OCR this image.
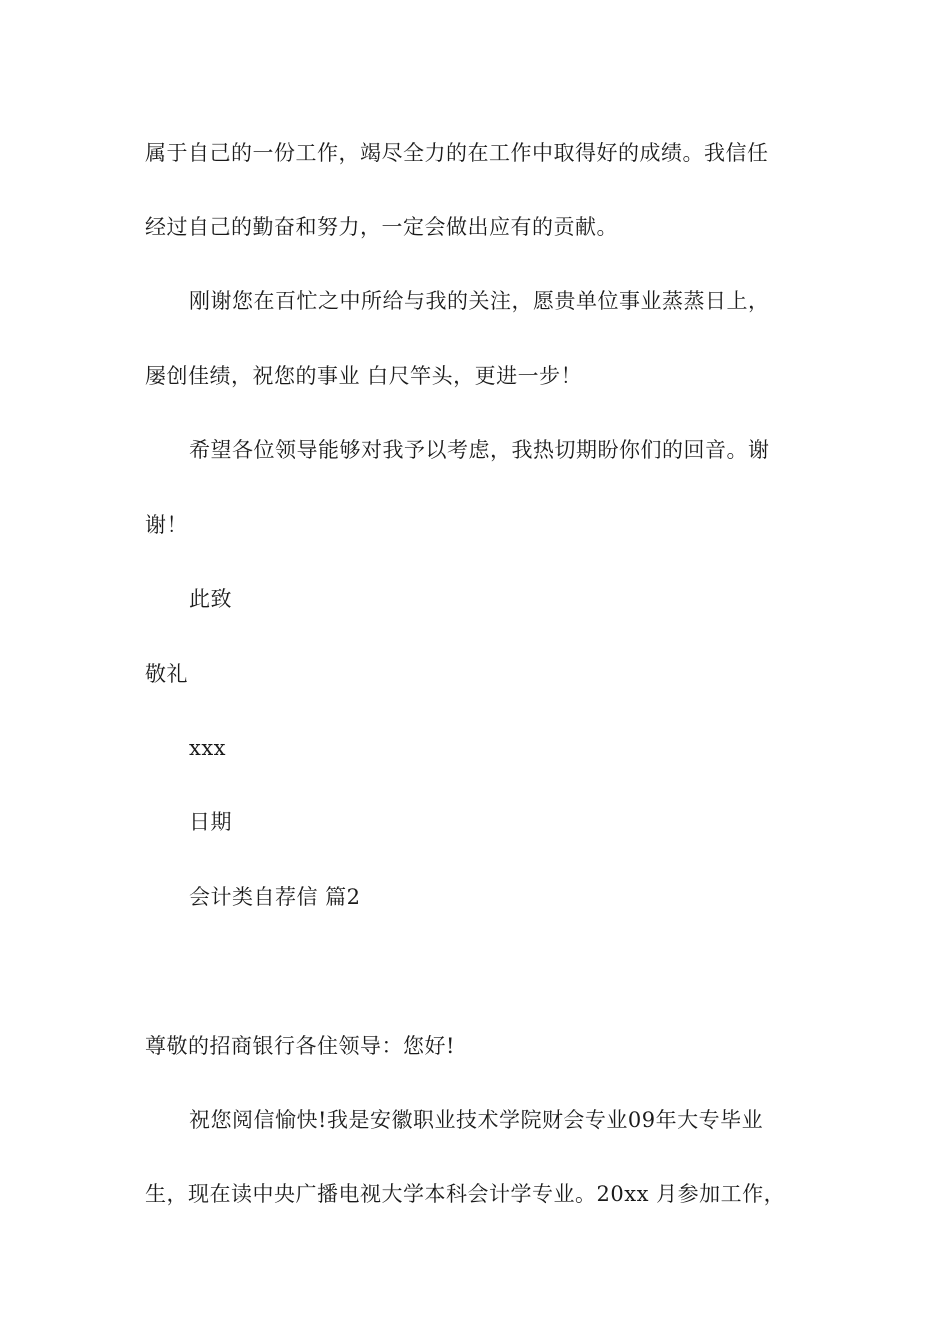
属于自己的一份工作，竭尽全力的在工作中取得好的成绩。我信任
经过自己的勤奋和努力，一定会做出应有的贡献。
刚谢您在百忙之中所给与我的关注，愿贵单位事业蒸蒸日上，
屡创佳绩，祝您的事业 白尺竿头，更进一步！
希望各位领导能够对我予以考虑，我热切期盼你们的回音。谢
谢！
此致
敬礼
xxx
日期
会计类自荐信 篇2
尊敬的招商银行各住领导：您好!
祝您阅信愉快!我是安徽职业技术学院财会专业09年大专毕业
生，现在读中央广播电视大学本科会计学专业。20xx 月参加工作，
